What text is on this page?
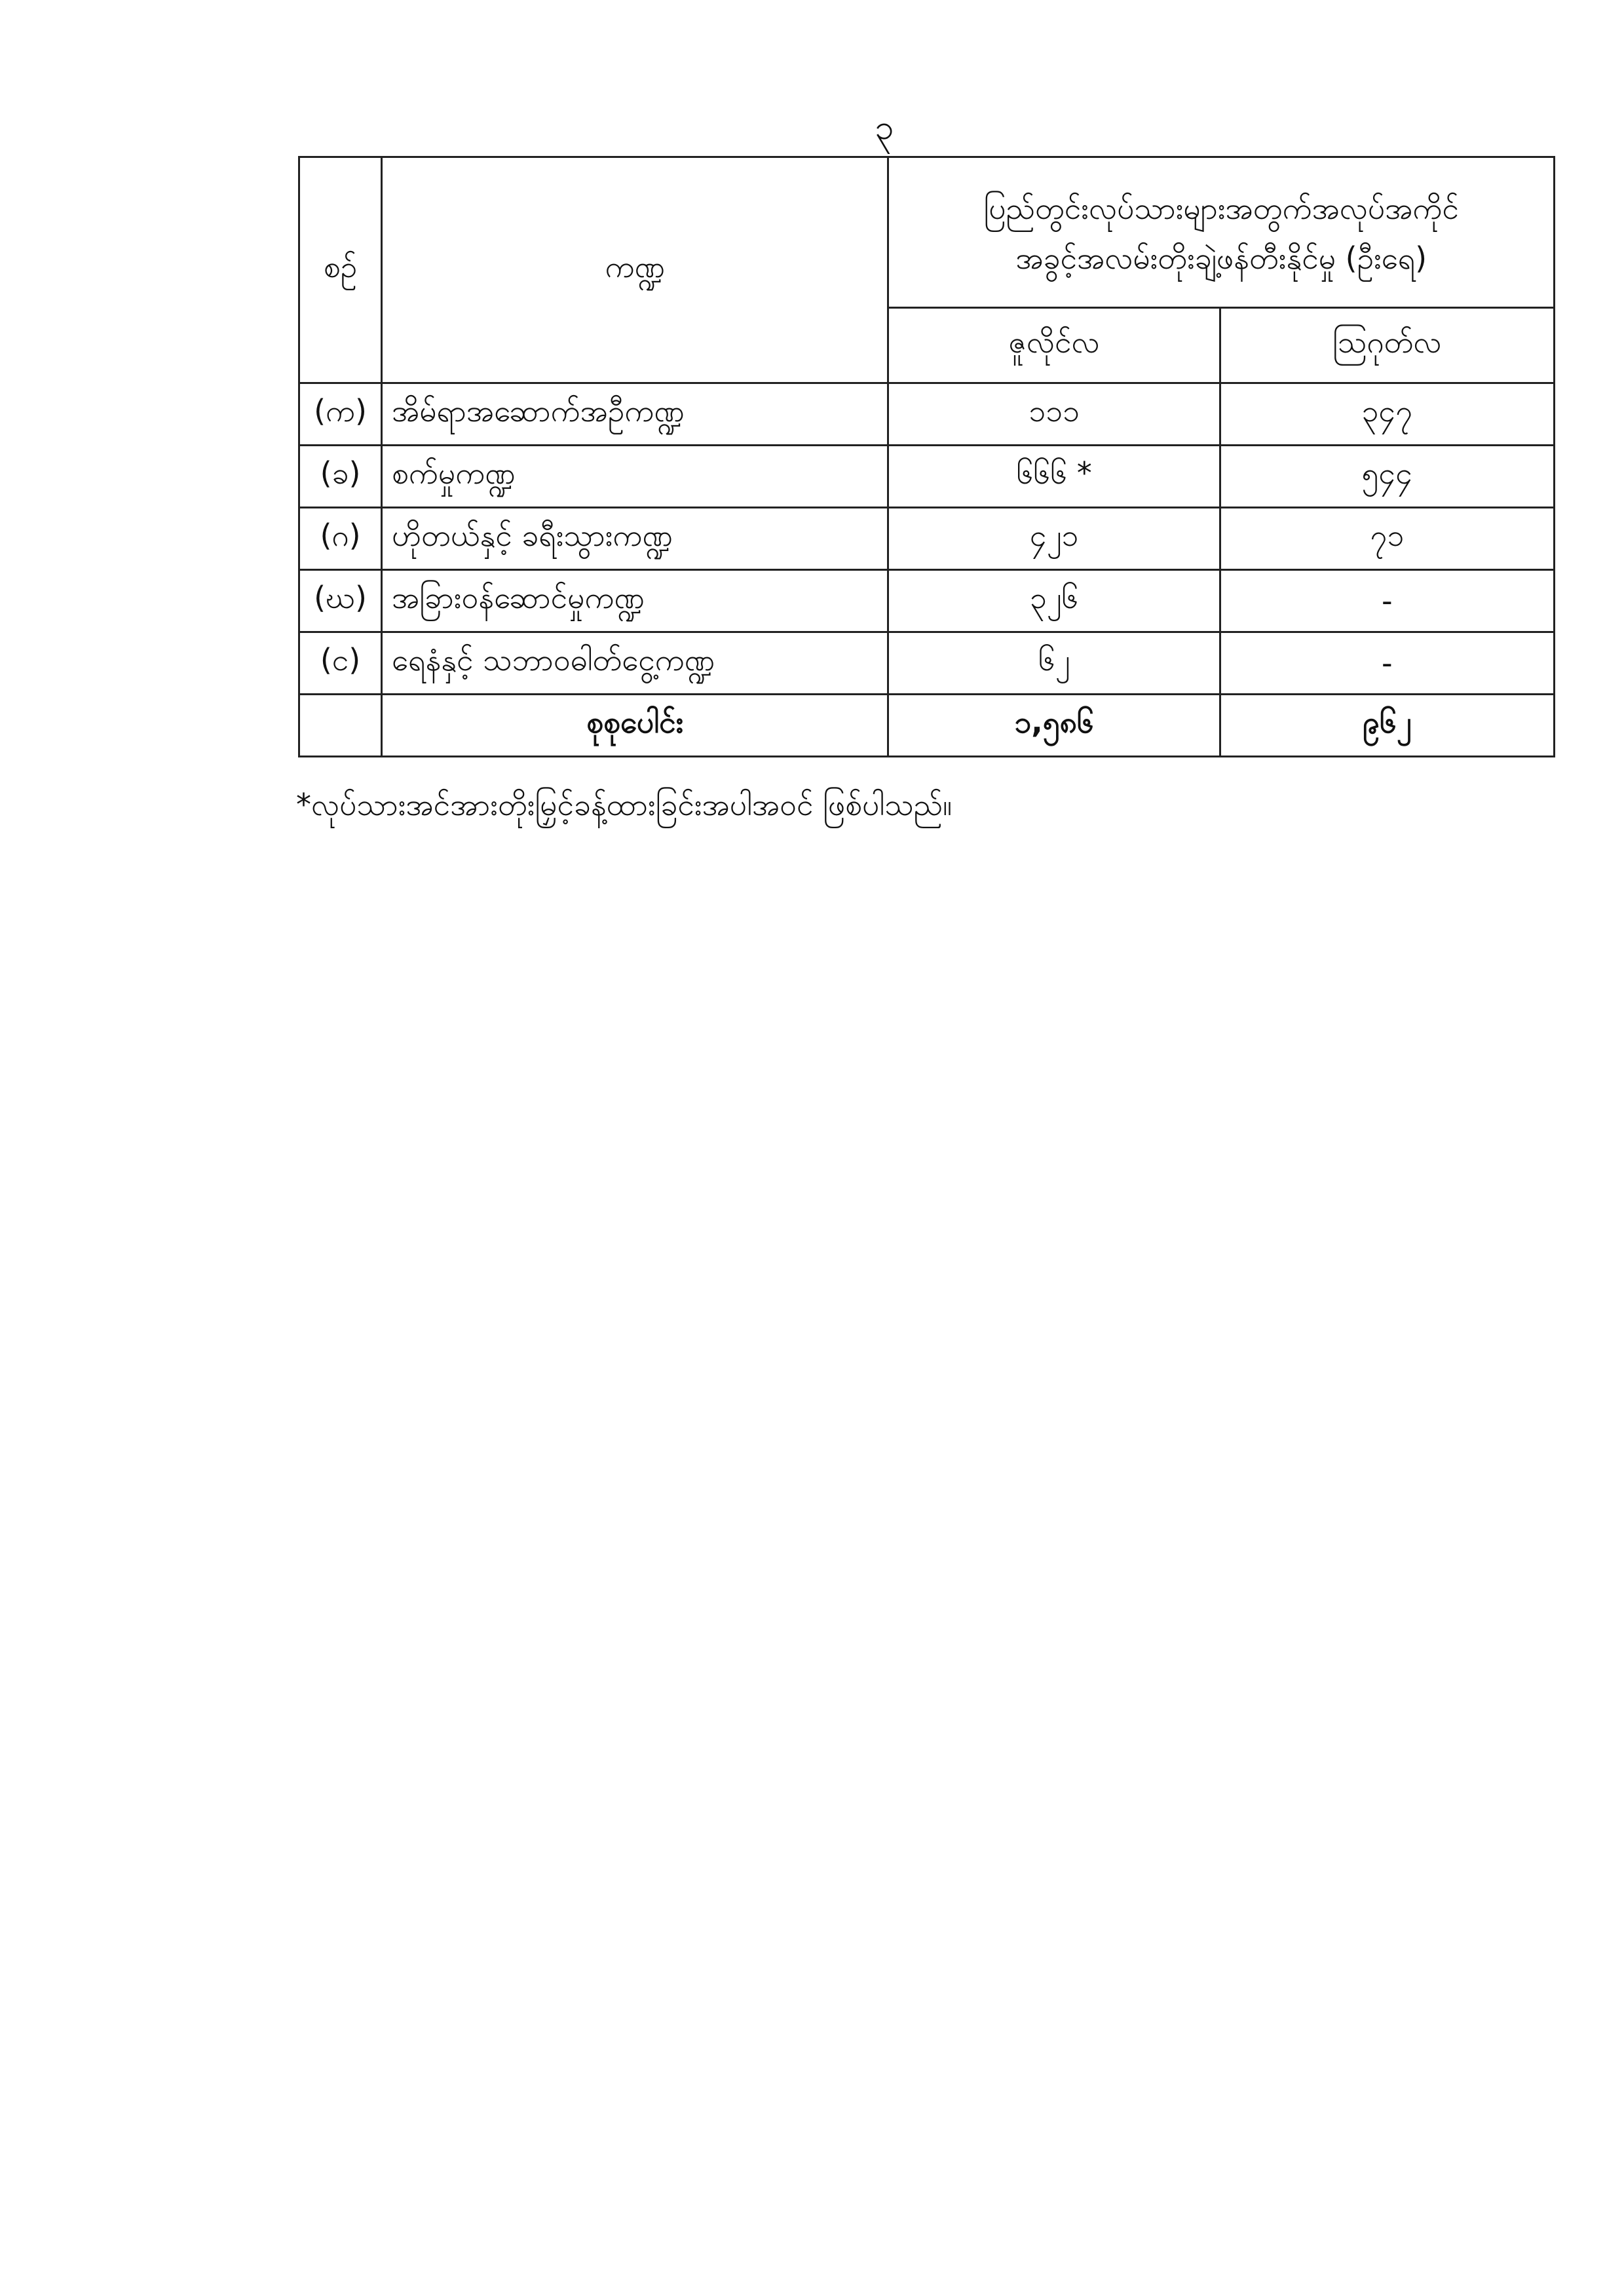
၃
စဉ်	ကဏ္ဍ	ပြည်တွင်းလုပ်သားများအတွက်အလုပ်အကိုင်
အခွင့်အလမ်းတိုးချဲ့ဖန်တီးနိုင်မှု (ဦးရေ)	

		ဇူလိုင်လ	ဩဂုတ်လ
(က)	အိမ်ရာအဆောက်အဦကဏ္ဍ	၁၁၁	၃၄၇
(ခ)	စက်မှုကဏ္ဍ	၆၆၆ *	၅၄၄
(ဂ)	ဟိုတယ်နှင့် ခရီးသွားကဏ္ဍ	၄၂၁	၇၁
(ဃ)	အခြားဝန်ဆောင်မှုကဏ္ဍ	၃၂၆	-
(င)	ရေနံနှင့် သဘာဝဓါတ်ငွေ့ကဏ္ဍ	၆၂	-
	စုစုပေါင်း	၁,၅၈၆	၉၆၂
*လုပ်သားအင်အားတိုးမြှင့်ခန့်ထားခြင်းအပါအဝင် ဖြစ်ပါသည်။
